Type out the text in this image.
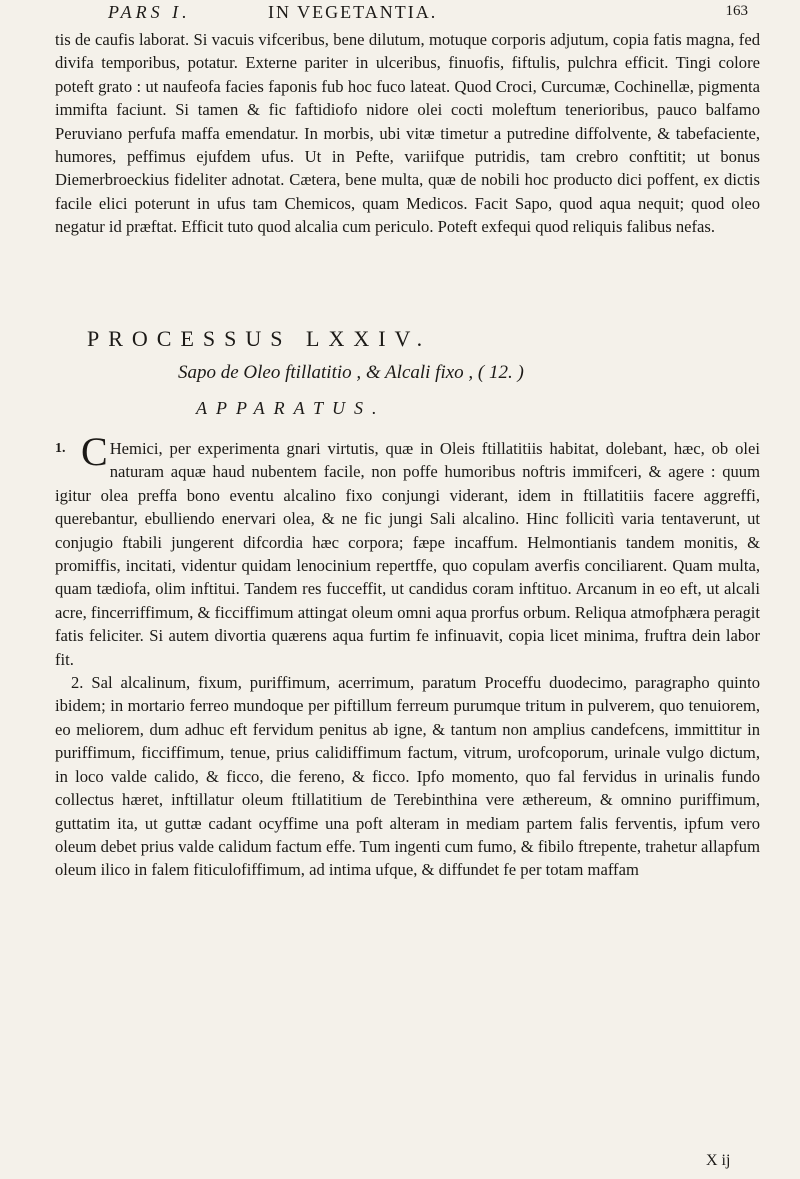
PARS I.	IN VEGETANTIA.	163

tis de caufis laborat. Si vacuis vifceribus, bene dilutum, motuque corporis adjutum, copia fatis magna, fed divifa temporibus, potatur. Externe pariter in ulceribus, finuofis, fiftulis, pulchra efficit. Tingi colore poteft grato : ut naufeofa facies faponis fub hoc fuco lateat. Quod Croci, Curcumæ, Cochinellæ, pigmenta immifta faciunt. Si tamen & fic faftidiofo nidore olei cocti moleftum tenerioribus, pauco balfamo Peruviano perfufa maffa emendatur. In morbis, ubi vitæ timetur a putredine diffolvente, & tabefaciente, humores, peffimus ejufdem ufus. Ut in Pefte, variifque putridis, tam crebro conftitit; ut bonus Diemerbroeckius fideliter adnotat. Cætera, bene multa, quæ de nobili hoc producto dici poffent, ex dictis facile elici poterunt in ufus tam Chemicos, quam Medicos. Facit Sapo, quod aqua nequit; quod oleo negatur id præftat. Efficit tuto quod alcalia cum periculo. Poteft exfequi quod reliquis falibus nefas.

PROCESSUS LXXIV.
Sapo de Oleo ftillatitio , & Alcali fixo , ( 12. )
APPARATUS.

1. C Hemici, per experimenta gnari virtutis, quæ in Oleis ftillatitiis habitat, dolebant, hæc, ob olei naturam aquæ haud nubentem facile, non poffe humoribus noftris immifceri, & agere : quum igitur olea preffa bono eventu alcalino fixo conjungi viderant, idem in ftillatitiis facere aggreffi, querebantur, ebulliendo enervari olea, & ne fic jungi Sali alcalino. Hinc follicitì varia tentaverunt, ut conjugio ftabili jungerent difcordia hæc corpora; fæpe incaffum. Helmontianis tandem monitis, & promiffis, incitati, videntur quidam lenocinium repertffe, quo copulam averfis conciliarent. Quam multa, quam tædiofa, olim inftitui. Tandem res fucceffit, ut candidus coram inftituo. Arcanum in eo eft, ut alcali acre, fincerriffimum, & ficciffimum attingat oleum omni aqua prorfus orbum. Reliqua atmofphæra peragit fatis feliciter. Si autem divortia quærens aqua furtim fe infinuavit, copia licet minima, fruftra dein labor fit.

2. Sal alcalinum, fixum, puriffimum, acerrimum, paratum Proceffu duodecimo, paragrapho quinto ibidem; in mortario ferreo mundoque per piftillum ferreum purumque tritum in pulverem, quo tenuiorem, eo meliorem, dum adhuc eft fervidum penitus ab igne, & tantum non amplius candefcens, immittitur in puriffimum, ficciffimum, tenue, prius calidiffimum factum, vitrum, urofcoporum, urinale vulgo dictum, in loco valde calido, & ficco, die fereno, & ficco. Ipfo momento, quo fal fervidus in urinalis fundo collectus hæret, inftillatur oleum ftillatitium de Terebinthina vere æthereum, & omnino puriffimum, guttatim ita, ut guttæ cadant ocyffime una poft alteram in mediam partem falis ferventis, ipfum vero oleum debet prius valde calidum factum effe. Tum ingenti cum fumo, & fibilo ftrepente, trahetur allapfum oleum ilico in falem fiticulofiffimum, ad intima ufque, & diffundet fe per totam maffam

X ij
